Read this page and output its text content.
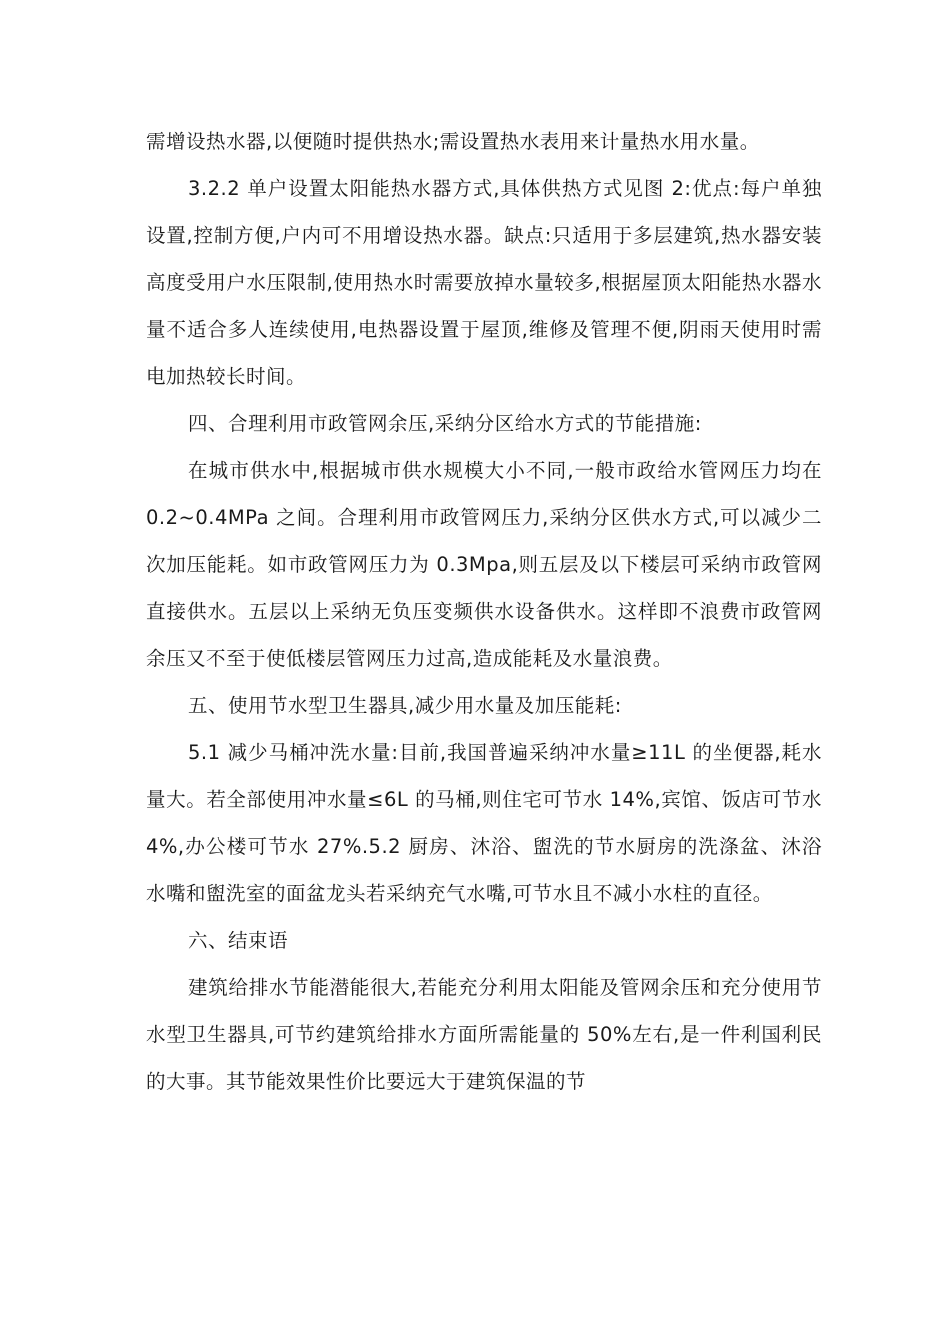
需增设热水器,以便随时提供热水;需设置热水表用来计量热水用水量。

3.2.2 单户设置太阳能热水器方式,具体供热方式见图 2:优点:每户单独设置,控制方便,户内可不用增设热水器。缺点:只适用于多层建筑,热水器安装高度受用户水压限制,使用热水时需要放掉水量较多,根据屋顶太阳能热水器水量不适合多人连续使用,电热器设置于屋顶,维修及管理不便,阴雨天使用时需电加热较长时间。

四、合理利用市政管网余压,采纳分区给水方式的节能措施:

在城市供水中,根据城市供水规模大小不同,一般市政给水管网压力均在 0.2~0.4MPa 之间。合理利用市政管网压力,采纳分区供水方式,可以减少二次加压能耗。如市政管网压力为 0.3Mpa,则五层及以下楼层可采纳市政管网直接供水。五层以上采纳无负压变频供水设备供水。这样即不浪费市政管网余压又不至于使低楼层管网压力过高,造成能耗及水量浪费。

五、使用节水型卫生器具,减少用水量及加压能耗:

5.1 减少马桶冲洗水量:目前,我国普遍采纳冲水量≥11L 的坐便器,耗水量大。若全部使用冲水量≤6L 的马桶,则住宅可节水 14%,宾馆、饭店可节水 4%,办公楼可节水 27%.5.2 厨房、沐浴、盥洗的节水厨房的洗涤盆、沐浴水嘴和盥洗室的面盆龙头若采纳充气水嘴,可节水且不减小水柱的直径。

六、结束语

建筑给排水节能潜能很大,若能充分利用太阳能及管网余压和充分使用节水型卫生器具,可节约建筑给排水方面所需能量的 50%左右,是一件利国利民的大事。其节能效果性价比要远大于建筑保温的节
